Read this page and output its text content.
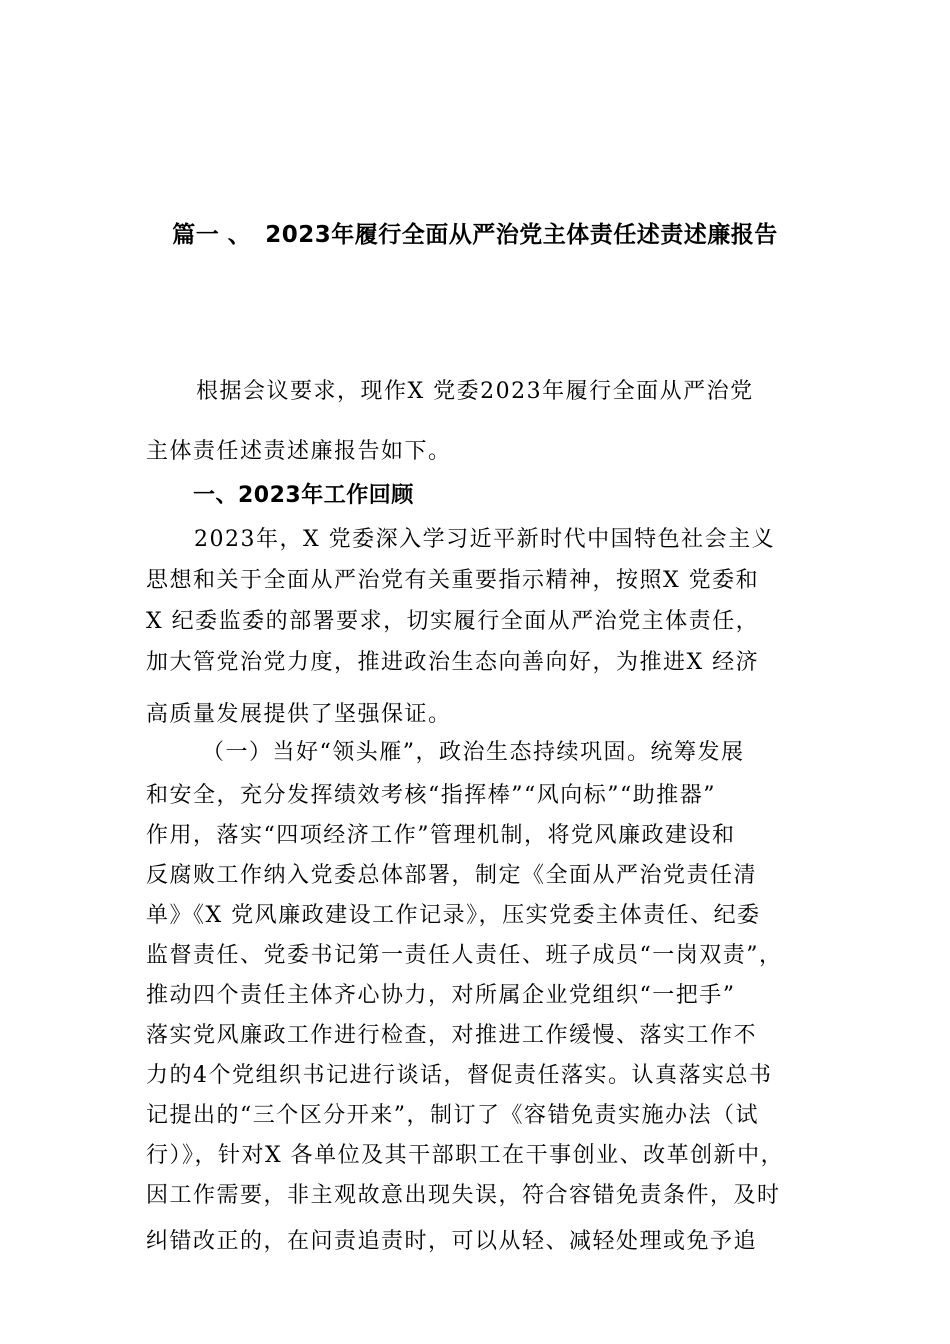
篇一 、 2023年履行全面从严治党主体责任述责述廉报告
根据会议要求，现作X 党委2023年履行全面从严治党
主体责任述责述廉报告如下。
一、2023年工作回顾
2023年，X 党委深入学习近平新时代中国特色社会主义
思想和关于全面从严治党有关重要指示精神，按照X 党委和
X 纪委监委的部署要求，切实履行全面从严治党主体责任，
加大管党治党力度，推进政治生态向善向好，为推进X 经济
高质量发展提供了坚强保证。
（一）当好“领头雁”，政治生态持续巩固。统筹发展
和安全，充分发挥绩效考核“指挥棒”“风向标”“助推器”
作用，落实“四项经济工作”管理机制，将党风廉政建设和
反腐败工作纳入党委总体部署，制定《全面从严治党责任清
单》《X 党风廉政建设工作记录》，压实党委主体责任、纪委
监督责任、党委书记第一责任人责任、班子成员“一岗双责”，
推动四个责任主体齐心协力，对所属企业党组织“一把手”
落实党风廉政工作进行检查，对推进工作缓慢、落实工作不
力的4个党组织书记进行谈话，督促责任落实。认真落实总书
记提出的“三个区分开来”，制订了《容错免责实施办法（试
行）》，针对X 各单位及其干部职工在干事创业、改革创新中，
因工作需要，非主观故意出现失误，符合容错免责条件，及时
纠错改正的，在问责追责时，可以从轻、减轻处理或免予追
